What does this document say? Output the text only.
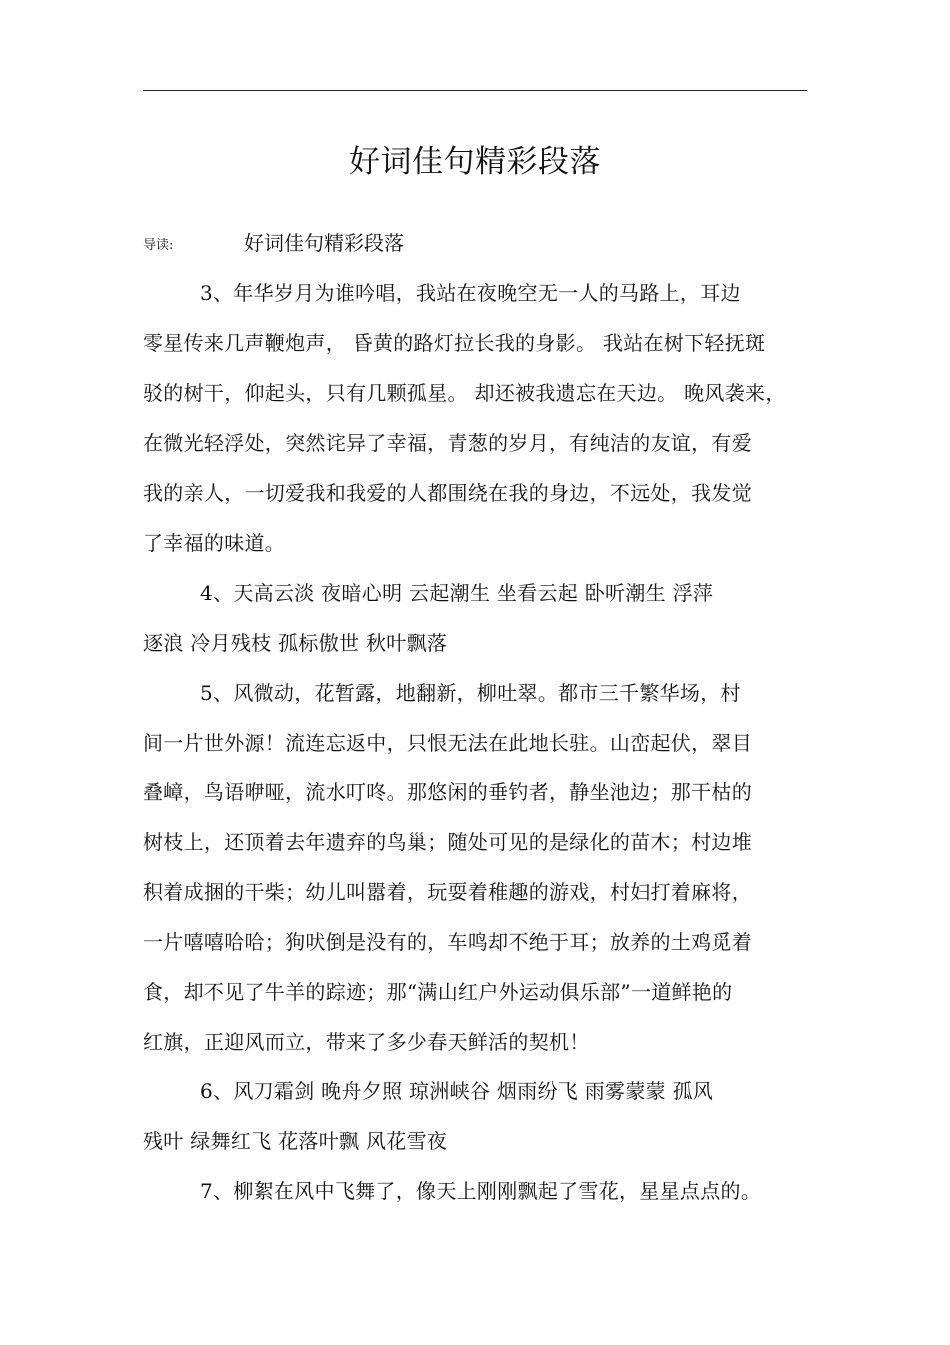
好词佳句精彩段落
导读:	好词佳句精彩段落
3、年华岁月为谁吟唱，我站在夜晚空无一人的马路上，耳边
零星传来几声鞭炮声， 昏黄的路灯拉长我的身影。 我站在树下轻抚斑
驳的树干，仰起头，只有几颗孤星。 却还被我遗忘在天边。 晚风袭来，
在微光轻浮处，突然诧异了幸福，青葱的岁月，有纯洁的友谊，有爱
我的亲人，一切爱我和我爱的人都围绕在我的身边，不远处，我发觉
了幸福的味道。
4、天高云淡 夜暗心明 云起潮生 坐看云起 卧听潮生 浮萍
逐浪 冷月残枝 孤标傲世 秋叶飘落
5、风微动，花暂露，地翻新，柳吐翠。都市三千繁华场，村
间一片世外源！流连忘返中，只恨无法在此地长驻。山峦起伏，翠目
叠嶂，鸟语咿哑，流水叮咚。那悠闲的垂钓者，静坐池边；那干枯的
树枝上，还顶着去年遗弃的鸟巢；随处可见的是绿化的苗木；村边堆
积着成捆的干柴；幼儿叫嚣着，玩耍着稚趣的游戏，村妇打着麻将，
一片嘻嘻哈哈；狗吠倒是没有的，车鸣却不绝于耳；放养的土鸡觅着
食，却不见了牛羊的踪迹；那“满山红户外运动俱乐部”一道鲜艳的
红旗，正迎风而立，带来了多少春天鲜活的契机！
6、风刀霜剑 晚舟夕照 琼洲峡谷 烟雨纷飞 雨雾蒙蒙 孤风
残叶 绿舞红飞 花落叶飘 风花雪夜
7、柳絮在风中飞舞了，像天上刚刚飘起了雪花，星星点点的。
